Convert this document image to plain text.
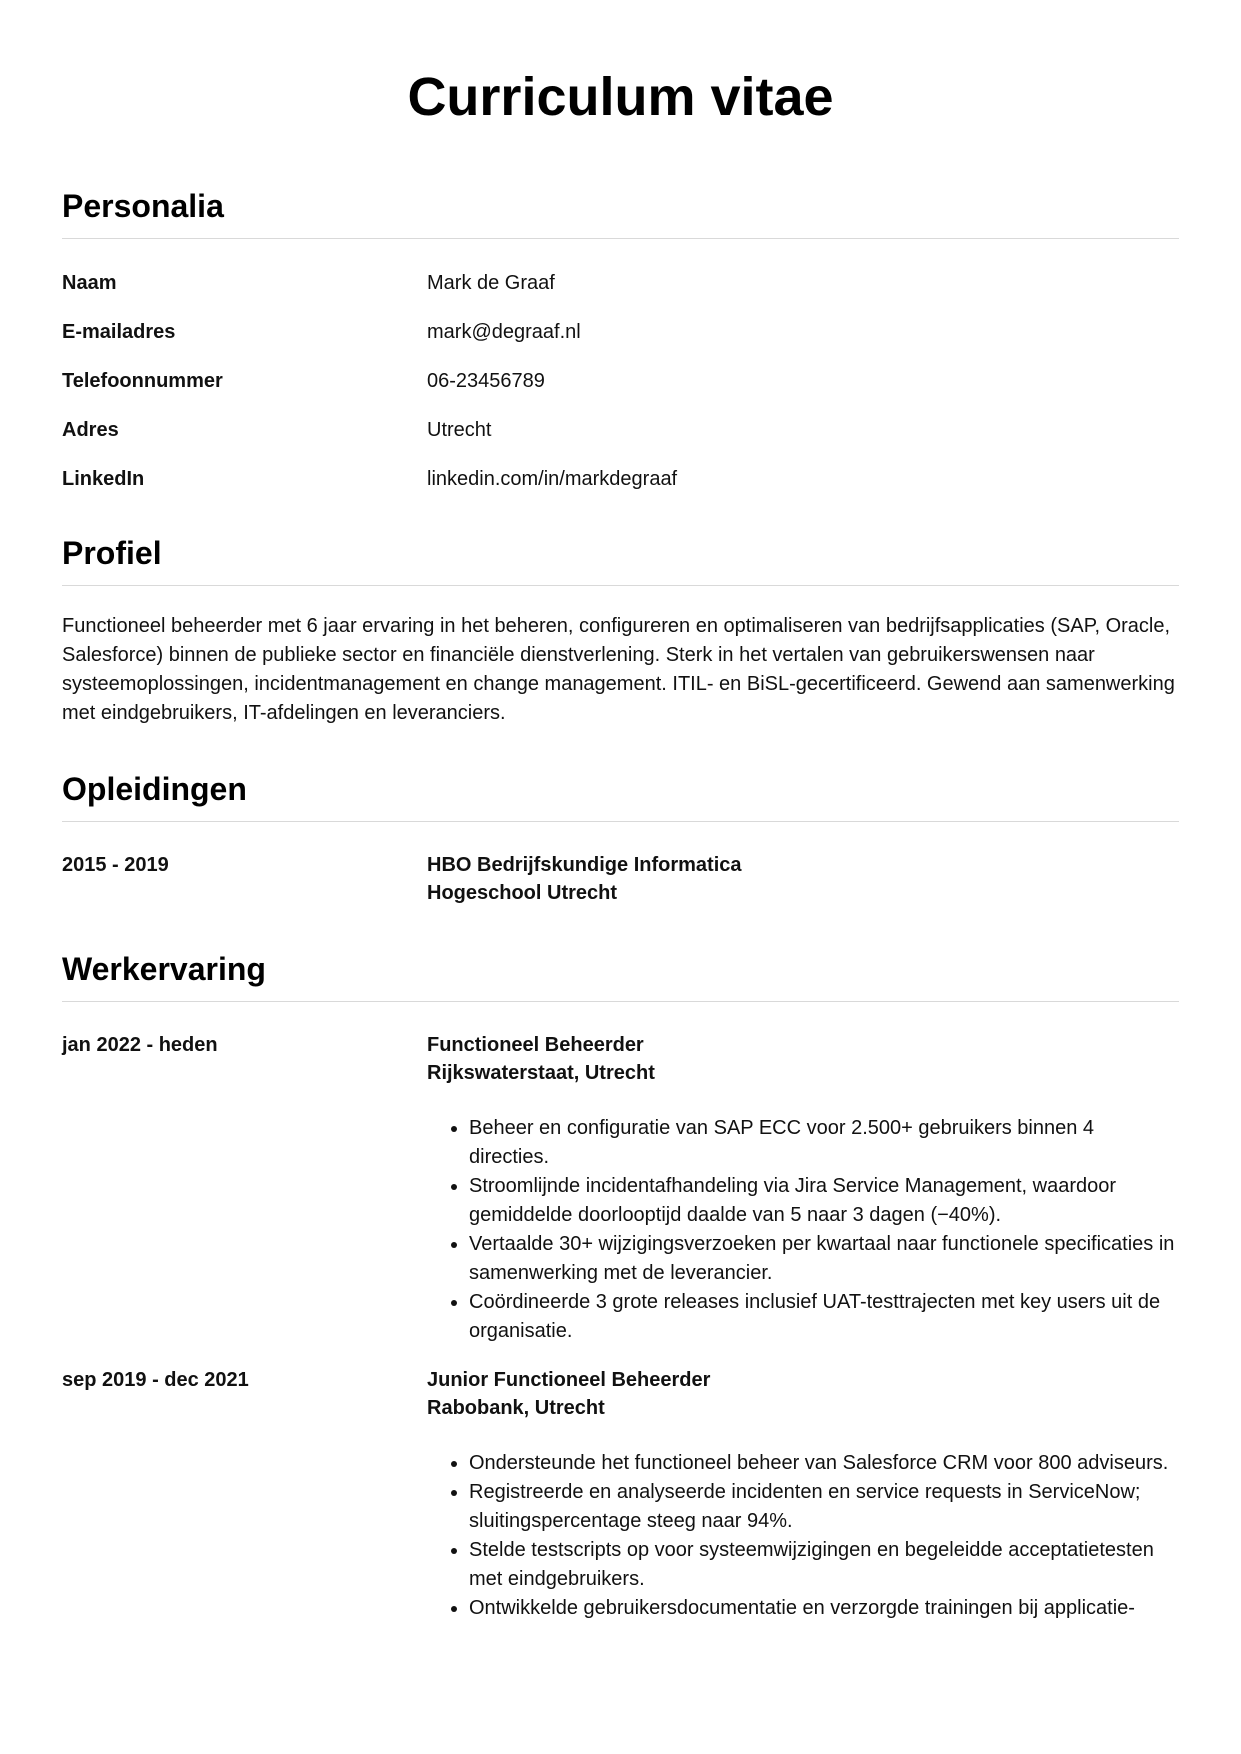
Curriculum vitae
Personalia
Naam	Mark de Graaf
E-mailadres	mark@degraaf.nl
Telefoonnummer	06-23456789
Adres	Utrecht
LinkedIn	linkedin.com/in/markdegraaf
Profiel

Functioneel beheerder met 6 jaar ervaring in het beheren, configureren en optimaliseren van bedrijfsapplicaties (SAP, Oracle, Salesforce) binnen de publieke sector en financiële dienstverlening. Sterk in het vertalen van gebruikerswensen naar systeemoplossingen, incidentmanagement en change management. ITIL- en BiSL-gecertificeerd. Gewend aan samenwerking met eindgebruikers, IT-afdelingen en leveranciers.

Opleidingen
2015 - 2019	HBO Bedrijfskundige Informatica
Hogeschool Utrecht
Werkervaring
jan 2022 - heden	Functioneel Beheerder
Rijkswaterstaat, Utrecht
• Beheer en configuratie van SAP ECC voor 2.500+ gebruikers binnen 4 directies.
• Stroomlijnde incidentafhandeling via Jira Service Management, waardoor gemiddelde doorlooptijd daalde van 5 naar 3 dagen (−40%).
• Vertaalde 30+ wijzigingsverzoeken per kwartaal naar functionele specificaties in samenwerking met de leverancier.
• Coördineerde 3 grote releases inclusief UAT-testtrajecten met key users uit de organisatie.
sep 2019 - dec 2021	Junior Functioneel Beheerder
Rabobank, Utrecht
• Ondersteunde het functioneel beheer van Salesforce CRM voor 800 adviseurs.
• Registreerde en analyseerde incidenten en service requests in ServiceNow; sluitingspercentage steeg naar 94%.
• Stelde testscripts op voor systeemwijzigingen en begeleidde acceptatietesten met eindgebruikers.
• Ontwikkelde gebruikersdocumentatie en verzorgde trainingen bij applicatie-
